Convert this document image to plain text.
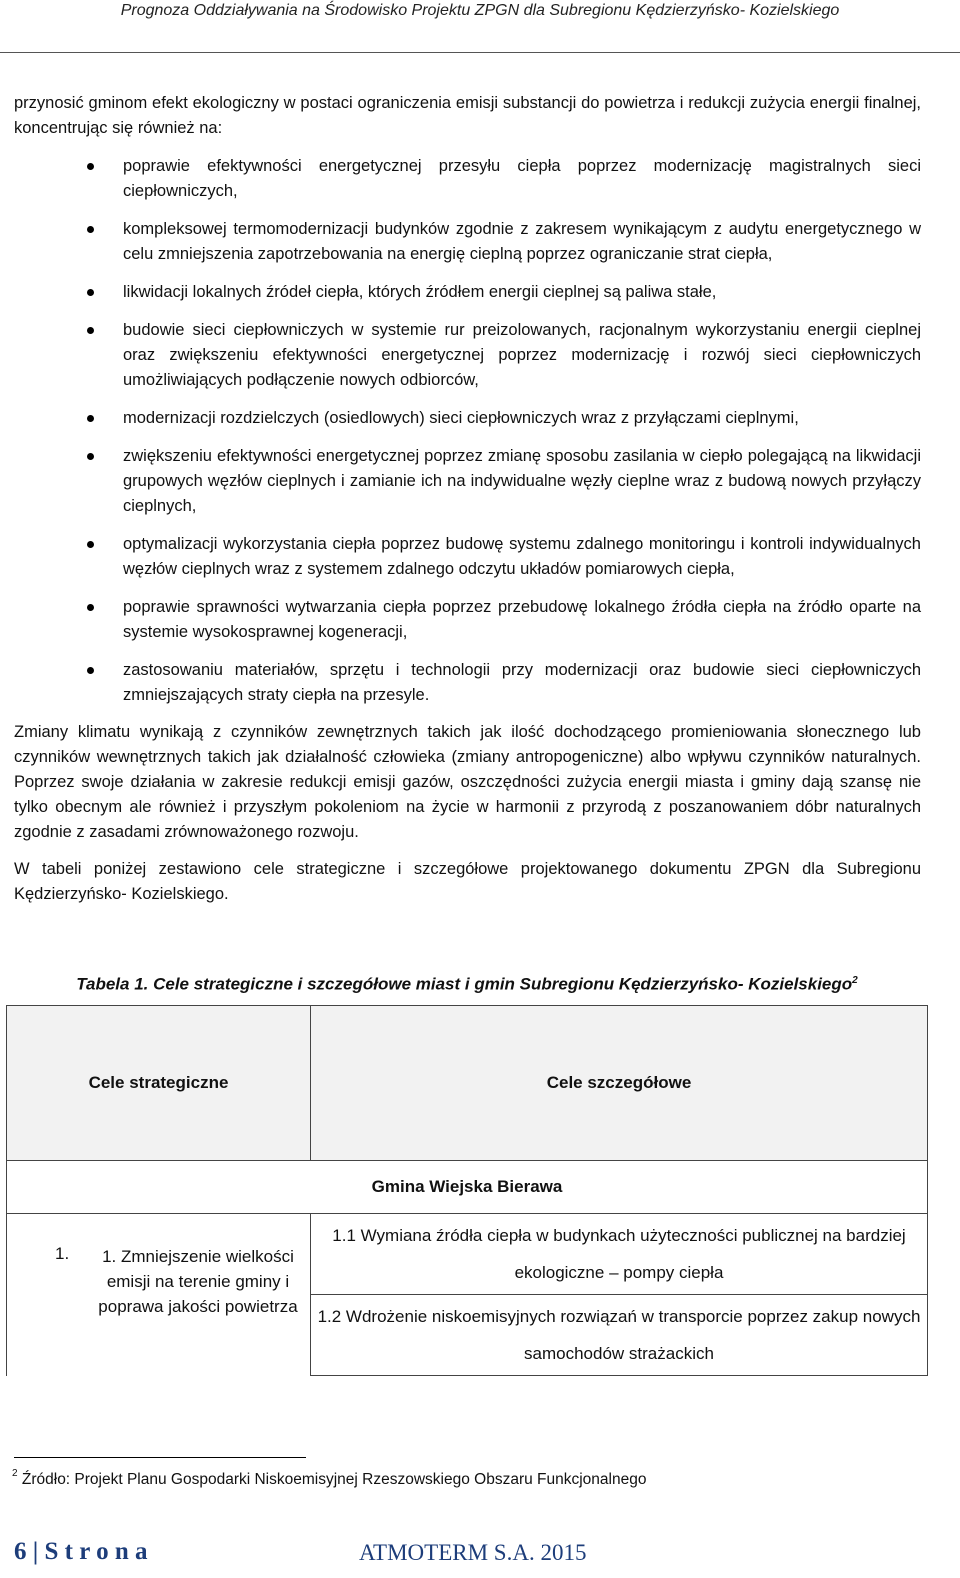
Prognoza Oddziaływania na Środowisko Projektu ZPGN dla Subregionu Kędzierzyńsko- Kozielskiego

przynosić gminom efekt ekologiczny w postaci ograniczenia emisji substancji do powietrza i redukcji zużycia energii finalnej, koncentrując się również na:

poprawie efektywności energetycznej przesyłu ciepła poprzez modernizację magistralnych sieci ciepłowniczych,
kompleksowej termomodernizacji budynków zgodnie z zakresem wynikającym z audytu energetycznego w celu zmniejszenia zapotrzebowania na energię cieplną poprzez ograniczanie strat ciepła,
likwidacji lokalnych źródeł ciepła, których źródłem energii cieplnej są paliwa stałe,
budowie sieci ciepłowniczych w systemie rur preizolowanych, racjonalnym wykorzystaniu energii cieplnej oraz zwiększeniu efektywności energetycznej poprzez modernizację i rozwój sieci ciepłowniczych umożliwiających podłączenie nowych odbiorców,
modernizacji rozdzielczych (osiedlowych) sieci ciepłowniczych wraz z przyłączami cieplnymi,
zwiększeniu efektywności energetycznej poprzez zmianę sposobu zasilania w ciepło polegającą na likwidacji grupowych węzłów cieplnych i zamianie ich na indywidualne węzły cieplne wraz z budową nowych przyłączy cieplnych,
optymalizacji wykorzystania ciepła poprzez budowę systemu zdalnego monitoringu i kontroli indywidualnych węzłów cieplnych wraz z systemem zdalnego odczytu układów pomiarowych ciepła,
poprawie sprawności wytwarzania ciepła poprzez przebudowę lokalnego źródła ciepła na źródło oparte na systemie wysokosprawnej kogeneracji,
zastosowaniu materiałów, sprzętu i technologii przy modernizacji oraz budowie sieci ciepłowniczych zmniejszających straty ciepła na przesyle.

Zmiany klimatu wynikają z czynników zewnętrznych takich jak ilość dochodzącego promieniowania słonecznego lub czynników wewnętrznych takich jak działalność człowieka (zmiany antropogeniczne) albo wpływu czynników naturalnych. Poprzez swoje działania w zakresie redukcji emisji gazów, oszczędności zużycia energii miasta i gminy dają szansę nie tylko obecnym ale również i przyszłym pokoleniom na życie w harmonii z przyrodą z poszanowaniem dóbr naturalnych zgodnie z zasadami zrównoważonego rozwoju.

W tabeli poniżej zestawiono cele strategiczne i szczegółowe projektowanego dokumentu ZPGN dla Subregionu Kędzierzyńsko- Kozielskiego.

Tabela 1. Cele strategiczne i szczegółowe miast i gmin Subregionu Kędzierzyńsko- Kozielskiego$^2$
Cele strategiczne	Cele szczegółowe
Gmina Wiejska Bierawa	

1. 1. Zmniejszenie wielkości emisji na terenie gminy i poprawa jakości powietrza	1.1 Wymiana źródła ciepła w budynkach użyteczności publicznej na bardziej ekologiczne – pompy ciepła
	1.2 Wdrożenie niskoemisyjnych rozwiązań w transporcie poprzez zakup nowych samochodów strażackich
$^2$ Źródło: Projekt Planu Gospodarki Niskoemisyjnej Rzeszowskiego Obszaru Funkcjonalnego
6 | S t r o n a	ATMOTERM S.A. 2015
